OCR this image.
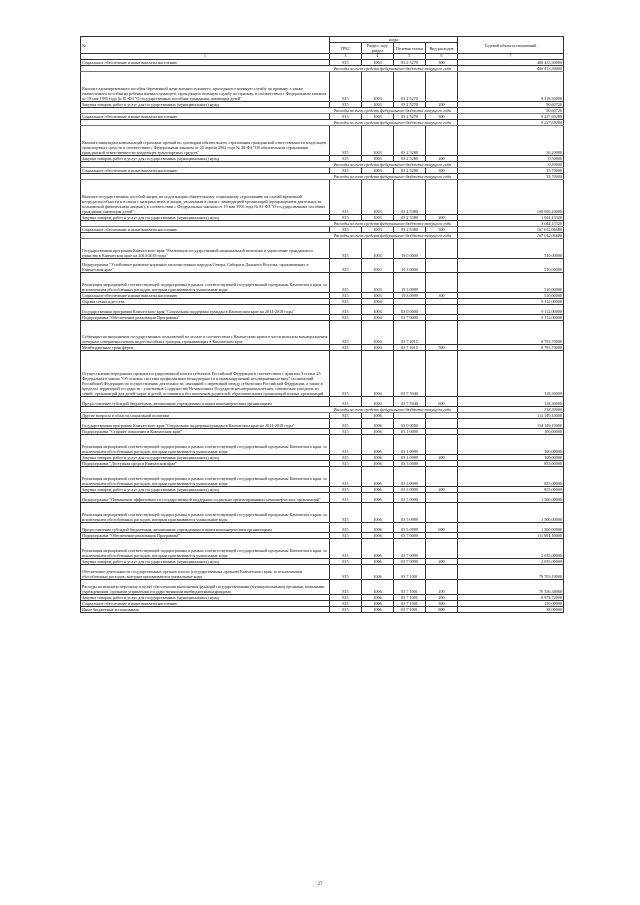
№	коды				Годовой объем ассигнований
	ГРБС	Раздел, под-раздел	Целевая статья	Вид расходов	
1	3	4	5	6	7
Социальное обеспечение и иные выплаты населению	815	1003	03 2 5270	300	406 413,30000
Расходы за счет средств федерального бюджета текущего года					406 413,30000
Выплата единовременного пособия беременной жене военнослужащего, проходящего военную службу по призыву, а также ежемесячного пособия на ребенка военнослужащего, проходящего военную службу по призыву, в соответствии с Федеральным законом от 19 мая 1995 года № 81-ФЗ "О государственных пособиях гражданам, имеющим детей"	815	1003	03 2 5270		9 318,30000
Закупка товаров, работ и услуг для государственных (муниципальных) нужд	815	1003	03 2 5270	200	90,60720
Расходы за счет средств федерального бюджета текущего года					90,60720
Социальное обеспечение и иные выплаты населению	815	1003	03 2 5270	300	9 227,69280
Расходы за счет средств федерального бюджета текущего года					9 227,69280
Выплата инвалидам компенсаций страховых премий по договорам обязательного страхования гражданской ответственности владельцев транспортных средств в соответствии с Федеральным законом от 25 апреля 2002 года № 40-ФЗ "Об обязательном страховании гражданской ответственности владельцев транспортных средств"	815	1003	03 2 5280		36,20000
Закупка товаров, работ и услуг для государственных (муниципальных) нужд	815	1003	03 2 5280	200	0,50000
Расходы за счет средств федерального бюджета текущего года					0,50000
Социальное обеспечение и иные выплаты населению	815	1003	03 2 5280	300	35,70000
Расходы за счет средств федерального бюджета текущего года					35,70000
Выплата государственных пособий лицам, не подлежащим обязательному социальному страхованию на случай временной нетрудоспособности и в связи с материнством, и лицам, уволенным в связи с ликвидацией организаций (прекращением деятельности, полномочий физическими лицами), в соответствии с Федеральным законом от 19 мая 1995 года № 81-ФЗ "О государственных пособиях гражданам, имеющим детей"	815	1003	03 2 5380		168 056,20000
Закупка товаров, работ и услуг для государственных (муниципальных) нужд	815	1003	03 2 5380	200	1 044,13320
Расходы за счет средств федерального бюджета текущего года					1 044,13320
Социальное обеспечение и иные выплаты населению	815	1003	03 2 5380	300	167 012,06680
Расходы за счет средств федерального бюджета текущего года					167 012,06680
Государственная программа Камчатского края "Реализация государственной национальной политики и укрепление гражданского единства в Камчатском крае на 2014-2018 годы"	815	1003	19 0 0000		510,00000
Подпрограмма "Устойчивое развитие коренных малочисленных народов Севера, Сибири и Дальнего Востока, проживающих в Камчатском крае"	815	1003	19 3 0000		510,00000
Реализация мероприятий соответствующей подпрограммы в рамках соответствующей государственной программы Камчатского края, за исключением обособленных расходов, которым присваиваются уникальные коды	815	1003	19 3 0999		510,00000
Социальное обеспечение и иные выплаты населению	815	1003	19 3 0999	300	510,00000
Охрана семьи и детства	815	1004			9 112,00000
Государственная программа Камчатского края "Социальная поддержка граждан в Камчатском крае на 2014-2018 годы"	815	1004	03 0 0000		9 112,00000
Подпрограмма "Обеспечение реализации Программы"	815	1004	03 7 0000		9 112,00000
Субвенции на выполнение государственных полномочий по оплате в соответствии с Камчатским краем в части выплаты вознаграждения опекунам совершеннолетних недееспособных граждан, проживающих в Камчатском крае	815	1004	03 7 4015		8 793,70000
Межбюджетные трансферты	815	1004	03 7 4015	500	8 793,70000
Осуществление переданных органам государственной власти субъектов Российской Федерации в соответствии с пунктом 3 статьи 25 Федерального закона "Об основах системы профилактики безнадзорности и правонарушений несовершеннолетних" полномочий Российской Федерации по осуществлению деятельности, связанной с перевозкой между субъектами Российской Федерации, а также в пределах территорий государств - участников Содружества Независимых Государств несовершеннолетних, самовольно ушедших из семей, организаций для детей-сирот и детей, оставшихся без попечения родителей, образовательных организаций и иных организаций	815	1004	03 7 5940		318,30000
Предоставление субсидий бюджетным, автономным учреждениям и иным некоммерческим организациям	815	1004	03 7 5940	600	318,30000
Расходы за счет средств федерального бюджета текущего года					318,30000
Другие вопросы в области социальной политики	815	1006			114 149,10000
Государственная программа Камчатского края "Социальная поддержка граждан в Камчатском крае на 2014-2018 годы"	815	1006	03 0 0000		114 149,10000
Подпрограмма "Старшее поколение в Камчатском крае"	815	1006	03 1 0000		100,00000
Реализация мероприятий соответствующей подпрограммы в рамках соответствующей государственной программы Камчатского края, за исключением обособленных расходов, которым присваиваются уникальные коды	815	1006	03 1 0999		100,00000
Закупка товаров, работ и услуг для государственных (муниципальных) нужд	815	1006	03 1 0999	200	100,00000
Подпрограмма "Доступная среда в Камчатском крае"	815	1006	03 3 0000		855,00000
Реализация мероприятий соответствующей подпрограммы в рамках соответствующей государственной программы Камчатского края, за исключением обособленных расходов, которым присваиваются уникальные коды	815	1006	03 3 0999		855,00000
Закупка товаров, работ и услуг для государственных (муниципальных) нужд	815	1006	03 3 0999	200	855,00000
Подпрограмма "Повышение эффективности государственной поддержки социально ориентированных некоммерческих организаций"	815	1006	03 5 0000		1 500,00000
Реализация мероприятий соответствующей подпрограммы в рамках соответствующей государственной программы Камчатского края, за исключением обособленных расходов, которым присваиваются уникальные коды	815	1006	03 5 0999		1 500,00000
Предоставление субсидий бюджетным, автономным учреждениям и иным некоммерческим организациям	815	1006	03 5 0999	600	1 500,00000
Подпрограмма "Обеспечение реализации Программы"	815	1006	03 7 0000		111 694,10000
Реализация мероприятий соответствующей подпрограммы в рамках соответствующей государственной программы Камчатского края, за исключением обособленных расходов, которым присваиваются уникальные коды	815	1006	03 7 0999		2 035,00000
Закупка товаров, работ и услуг для государственных (муниципальных) нужд	815	1006	03 7 0999	200	2 035,00000
Обеспечение деятельности государственных органов власти (государственных органов) Камчатского края, за исключением обособленных расходов, которым присваиваются уникальные коды	815	1006	03 7 1001		79 703,10000
Расходы на выплаты персоналу в целях обеспечения выполнения функций государственными (муниципальными) органами, казенными учреждениями, органами управления государственными внебюджетными фондами	815	1006	03 7 1001	100	70 556,38060
Закупка товаров, работ и услуг для государственных (муниципальных) нужд	815	1006	03 7 1001	200	8 978,72000
Социальное обеспечение и иные выплаты населению	815	1006	03 7 1001	300	130,00000
Иные бюджетные ассигнования	815	1006	03 7 1001	800	38,00000
27
